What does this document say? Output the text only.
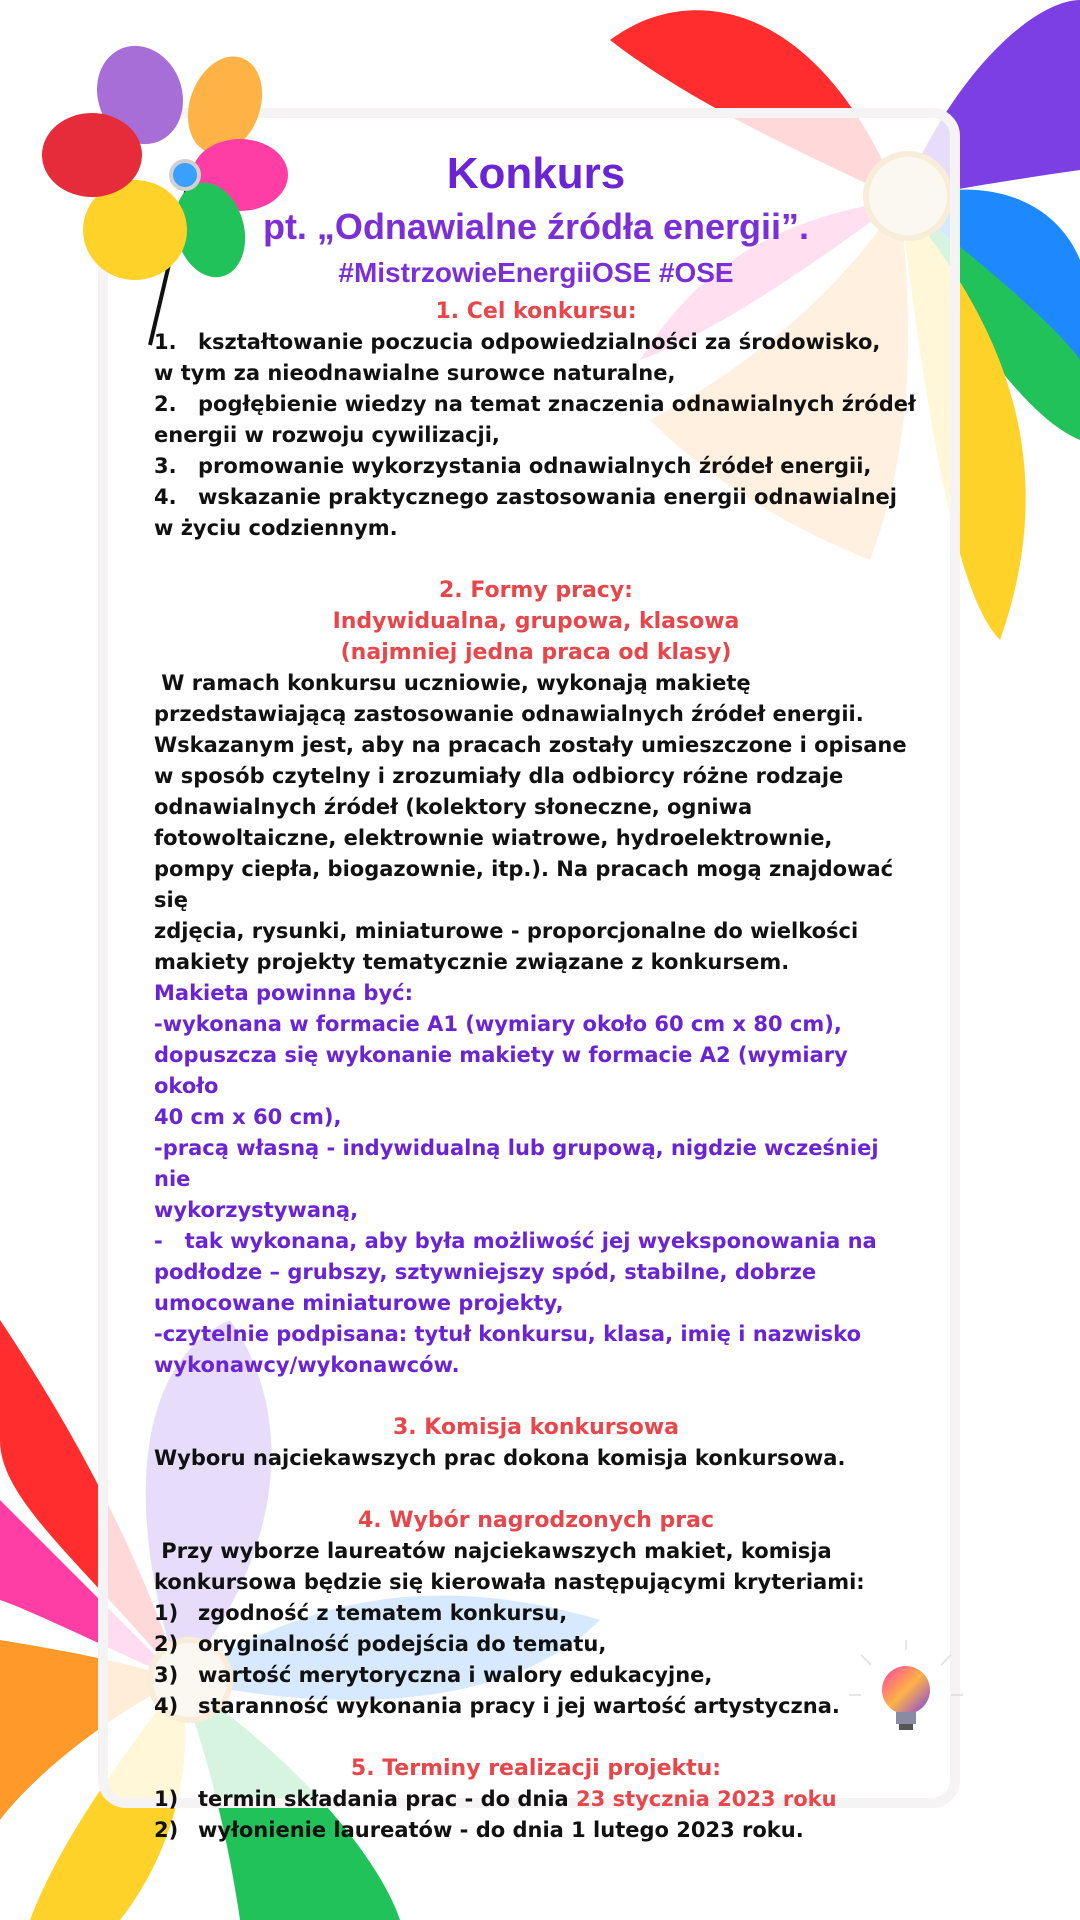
Konkurs
pt. „Odnawialne źródła energii”.
#MistrzowieEnergiiOSE #OSE
1. Cel konkursu:
1. kształtowanie poczucia odpowiedzialności za środowisko,
w tym za nieodnawialne surowce naturalne,
2. pogłębienie wiedzy na temat znaczenia odnawialnych źródeł
energii w rozwoju cywilizacji,
3. promowanie wykorzystania odnawialnych źródeł energii,
4. wskazanie praktycznego zastosowania energii odnawialnej
w życiu codziennym.
2. Formy pracy:
Indywidualna, grupowa, klasowa
(najmniej jedna praca od klasy)
W ramach konkursu uczniowie, wykonają makietę
przedstawiającą zastosowanie odnawialnych źródeł energii.
Wskazanym jest, aby na pracach zostały umieszczone i opisane
w sposób czytelny i zrozumiały dla odbiorcy różne rodzaje
odnawialnych źródeł (kolektory słoneczne, ogniwa
fotowoltaiczne, elektrownie wiatrowe, hydroelektrownie,
pompy ciepła, biogazownie, itp.). Na pracach mogą znajdować się
zdjęcia, rysunki, miniaturowe - proporcjonalne do wielkości
makiety projekty tematycznie związane z konkursem.
Makieta powinna być:
-wykonana w formacie A1 (wymiary około 60 cm x 80 cm),
dopuszcza się wykonanie makiety w formacie A2 (wymiary około
40 cm x 60 cm),
-pracą własną - indywidualną lub grupową, nigdzie wcześniej nie
wykorzystywaną,
-   tak wykonana, aby była możliwość jej wyeksponowania na
podłodze – grubszy, sztywniejszy spód, stabilne, dobrze
umocowane miniaturowe projekty,
-czytelnie podpisana: tytuł konkursu, klasa, imię i nazwisko
wykonawcy/wykonawców.
3. Komisja konkursowa
Wyboru najciekawszych prac dokona komisja konkursowa.
4. Wybór nagrodzonych prac
Przy wyborze laureatów najciekawszych makiet, komisja
konkursowa będzie się kierowała następującymi kryteriami:
1) zgodność z tematem konkursu,
2) oryginalność podejścia do tematu,
3) wartość merytoryczna i walory edukacyjne,
4) staranność wykonania pracy i jej wartość artystyczna.
5. Terminy realizacji projektu:
1) termin składania prac - do dnia 23 stycznia 2023 roku
2) wyłonienie laureatów - do dnia 1 lutego 2023 roku.
